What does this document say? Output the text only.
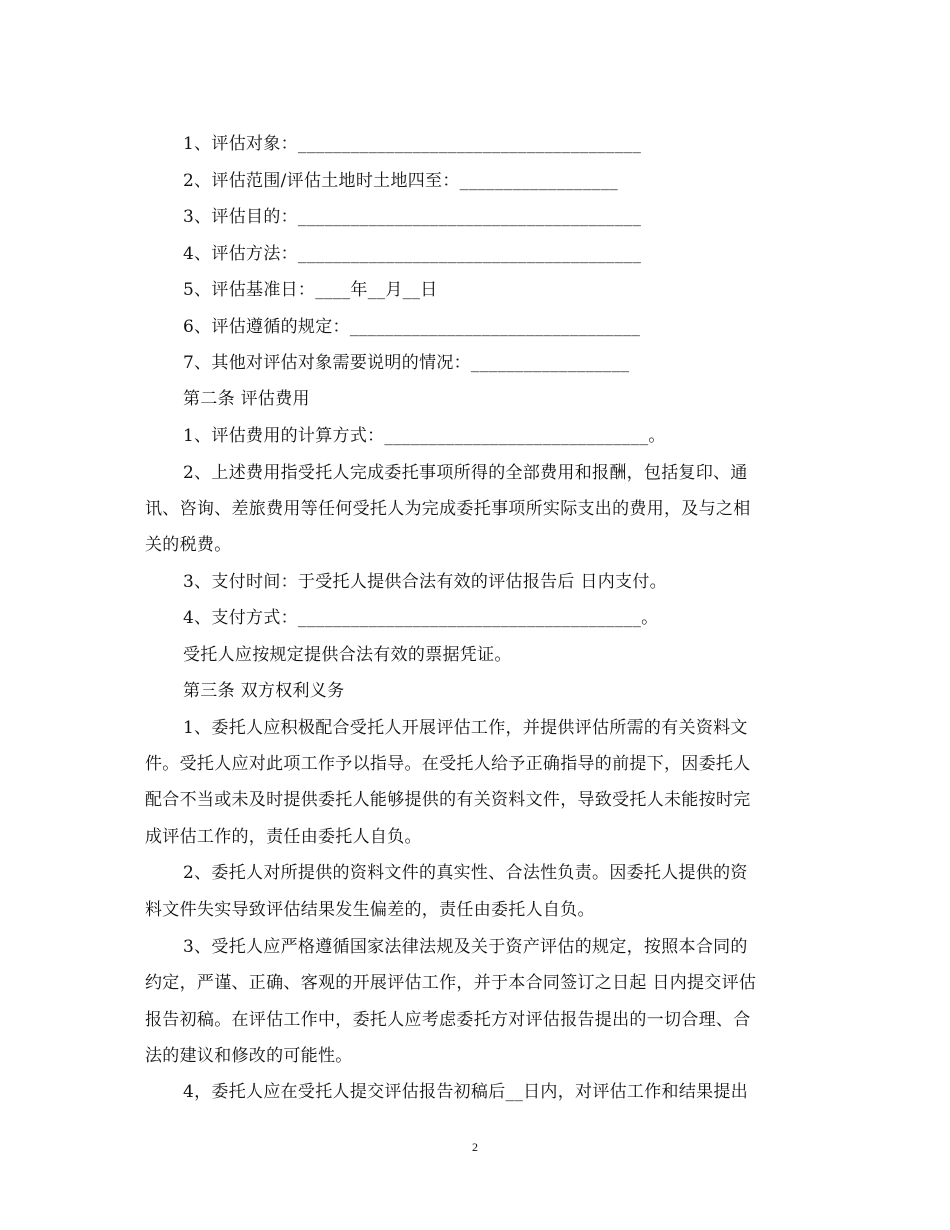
1、评估对象：_______________________________________
2、评估范围/评估土地时土地四至：__________________
3、评估目的：_______________________________________
4、评估方法：_______________________________________
5、评估基准日：____年__月__日
6、评估遵循的规定：_________________________________
7、其他对评估对象需要说明的情况：__________________
第二条 评估费用
1、评估费用的计算方式：______________________________。
2、上述费用指受托人完成委托事项所得的全部费用和报酬，包括复印、通
讯、咨询、差旅费用等任何受托人为完成委托事项所实际支出的费用，及与之相
关的税费。
3、支付时间：于受托人提供合法有效的评估报告后 日内支付。
4、支付方式：_______________________________________。
受托人应按规定提供合法有效的票据凭证。
第三条 双方权利义务
1、委托人应积极配合受托人开展评估工作，并提供评估所需的有关资料文
件。受托人应对此项工作予以指导。在受托人给予正确指导的前提下，因委托人
配合不当或未及时提供委托人能够提供的有关资料文件，导致受托人未能按时完
成评估工作的，责任由委托人自负。
2、委托人对所提供的资料文件的真实性、合法性负责。因委托人提供的资
料文件失实导致评估结果发生偏差的，责任由委托人自负。
3、受托人应严格遵循国家法律法规及关于资产评估的规定，按照本合同的
约定，严谨、正确、客观的开展评估工作，并于本合同签订之日起 日内提交评估
报告初稿。在评估工作中，委托人应考虑委托方对评估报告提出的一切合理、合
法的建议和修改的可能性。
4，委托人应在受托人提交评估报告初稿后__日内，对评估工作和结果提出
2
